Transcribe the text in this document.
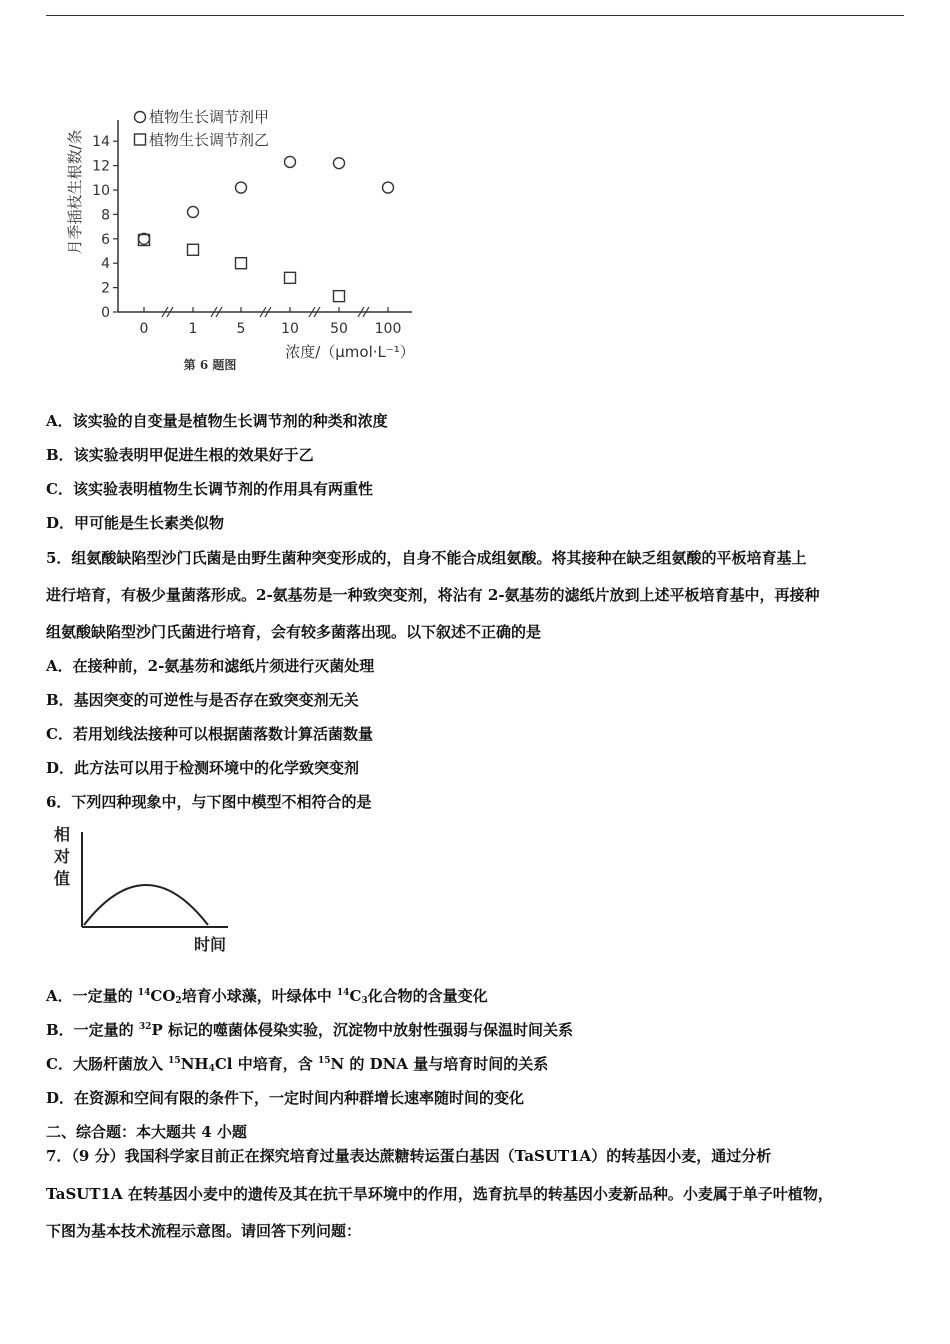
0
2
4
6
8
10
12
14
0	1	5	10 50 100
植物生长调节剂甲
植物生长调节剂乙
月季插枝生根数/条
浓度/（μmol·L⁻¹）
第 6 题图
A．该实验的自变量是植物生长调节剂的种类和浓度
B．该实验表明甲促进生根的效果好于乙
C．该实验表明植物生长调节剂的作用具有两重性
D．甲可能是生长素类似物
5．组氨酸缺陷型沙门氏菌是由野生菌种突变形成的，自身不能合成组氨酸。将其接种在缺乏组氨酸的平板培育基上
进行培育，有极少量菌落形成。2-氨基芴是一种致突变剂，将沾有 2-氨基芴的滤纸片放到上述平板培育基中，再接种
组氨酸缺陷型沙门氏菌进行培育，会有较多菌落出现。以下叙述不正确的是
A．在接种前，2-氨基芴和滤纸片须进行灭菌处理
B．基因突变的可逆性与是否存在致突变剂无关
C．若用划线法接种可以根据菌落数计算活菌数量
D．此方法可以用于检测环境中的化学致突变剂
6．下列四种现象中，与下图中模型不相符合的是
相
对
值
时间
A．一定量的 $^{14}CO_2$培育小球藻，叶绿体中 $^{14}C_3$化合物的含量变化
B．一定量的 $^{32}$P 标记的噬菌体侵染实验，沉淀物中放射性强弱与保温时间关系
C．大肠杆菌放入 $^{15}NH_4Cl$ 中培育，含 $^{15}$N 的 DNA 量与培育时间的关系
D．在资源和空间有限的条件下，一定时间内种群增长速率随时间的变化
二、综合题：本大题共 4 小题
7．（9 分）我国科学家目前正在探究培育过量表达蔗糖转运蛋白基因（TaSUT1A）的转基因小麦，通过分析
TaSUT1A 在转基因小麦中的遗传及其在抗干旱环境中的作用，选育抗旱的转基因小麦新品种。小麦属于单子叶植物，
下图为基本技术流程示意图。请回答下列问题：
